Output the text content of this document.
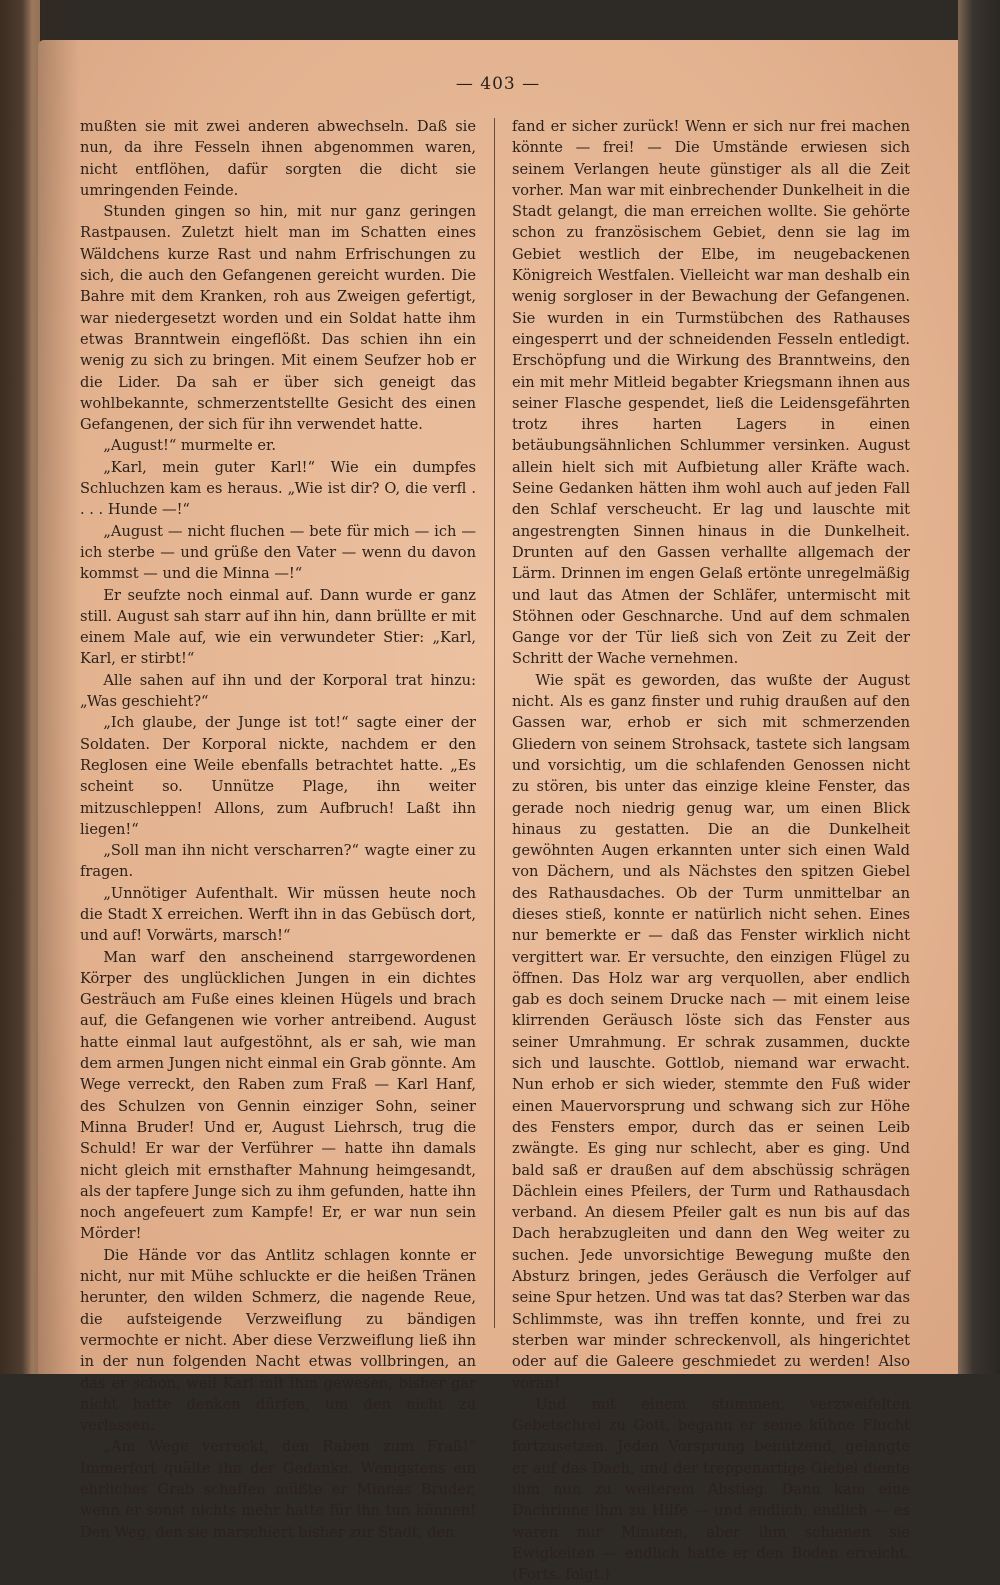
— 403 —

mußten sie mit zwei anderen abwechseln. Daß sie nun, da ihre Fesseln ihnen abgenommen waren, nicht entflöhen, dafür sorgten die dicht sie umringenden Feinde.

Stunden gingen so hin, mit nur ganz geringen Rastpausen. Zuletzt hielt man im Schatten eines Wäldchens kurze Rast und nahm Erfrischungen zu sich, die auch den Gefangenen gereicht wurden. Die Bahre mit dem Kranken, roh aus Zweigen gefertigt, war niedergesetzt worden und ein Soldat hatte ihm etwas Branntwein eingeflößt. Das schien ihn ein wenig zu sich zu bringen. Mit einem Seufzer hob er die Lider. Da sah er über sich geneigt das wohlbekannte, schmerzentstellte Gesicht des einen Gefangenen, der sich für ihn verwendet hatte.

„August!“ murmelte er.

„Karl, mein guter Karl!“ Wie ein dumpfes Schluchzen kam es heraus. „Wie ist dir? O, die verfl . . . . Hunde —!“

„August — nicht fluchen — bete für mich — ich — ich sterbe — und grüße den Vater — wenn du davon kommst — und die Minna —!“

Er seufzte noch einmal auf. Dann wurde er ganz still. August sah starr auf ihn hin, dann brüllte er mit einem Male auf, wie ein verwundeter Stier: „Karl, Karl, er stirbt!“

Alle sahen auf ihn und der Korporal trat hinzu: „Was geschieht?“

„Ich glaube, der Junge ist tot!“ sagte einer der Soldaten. Der Korporal nickte, nachdem er den Reglosen eine Weile ebenfalls betrachtet hatte. „Es scheint so. Unnütze Plage, ihn weiter mitzuschleppen! Allons, zum Aufbruch! Laßt ihn liegen!“

„Soll man ihn nicht verscharren?“ wagte einer zu fragen.

„Unnötiger Aufenthalt. Wir müssen heute noch die Stadt X erreichen. Werft ihn in das Gebüsch dort, und auf! Vorwärts, marsch!“

Man warf den anscheinend starrgewordenen Körper des unglücklichen Jungen in ein dichtes Gesträuch am Fuße eines kleinen Hügels und brach auf, die Gefangenen wie vorher antreibend. August hatte einmal laut aufgestöhnt, als er sah, wie man dem armen Jungen nicht einmal ein Grab gönnte. Am Wege verreckt, den Raben zum Fraß — Karl Hanf, des Schulzen von Gennin einziger Sohn, seiner Minna Bruder! Und er, August Liehrsch, trug die Schuld! Er war der Verführer — hatte ihn damals nicht gleich mit ernsthafter Mahnung heimgesandt, als der tapfere Junge sich zu ihm gefunden, hatte ihn noch angefeuert zum Kampfe! Er, er war nun sein Mörder!

Die Hände vor das Antlitz schlagen konnte er nicht, nur mit Mühe schluckte er die heißen Tränen herunter, den wilden Schmerz, die nagende Reue, die aufsteigende Verzweiflung zu bändigen vermochte er nicht. Aber diese Verzweiflung ließ ihn in der nun folgenden Nacht etwas vollbringen, an das er schon, weil Karl mit ihm gewesen, bisher gar nicht hatte denken dürfen, um den nicht zu verlassen.

„Am Wege verreckt, den Raben zum Fraß!“ Immerfort quälte ihn der Gedanke. Wenigstens ein ehrliches Grab schaffen müßte er Minnas Bruder, wenn er sonst nichts mehr hatte für ihn tun können! Den Weg, den sie marschiert bisher zur Stadt, den

fand er sicher zurück! Wenn er sich nur frei machen könnte — frei! — Die Umstände erwiesen sich seinem Verlangen heute günstiger als all die Zeit vorher. Man war mit einbrechender Dunkelheit in die Stadt gelangt, die man erreichen wollte. Sie gehörte schon zu französischem Gebiet, denn sie lag im Gebiet westlich der Elbe, im neugebackenen Königreich Westfalen. Vielleicht war man deshalb ein wenig sorgloser in der Bewachung der Gefangenen. Sie wurden in ein Turmstübchen des Rathauses eingesperrt und der schneidenden Fesseln entledigt. Erschöpfung und die Wirkung des Branntweins, den ein mit mehr Mitleid begabter Kriegsmann ihnen aus seiner Flasche gespendet, ließ die Leidensgefährten trotz ihres harten Lagers in einen betäubungsähnlichen Schlummer versinken. August allein hielt sich mit Aufbietung aller Kräfte wach. Seine Gedanken hätten ihm wohl auch auf jeden Fall den Schlaf verscheucht. Er lag und lauschte mit angestrengten Sinnen hinaus in die Dunkelheit. Drunten auf den Gassen verhallte allgemach der Lärm. Drinnen im engen Gelaß ertönte unregelmäßig und laut das Atmen der Schläfer, untermischt mit Stöhnen oder Geschnarche. Und auf dem schmalen Gange vor der Tür ließ sich von Zeit zu Zeit der Schritt der Wache vernehmen.

Wie spät es geworden, das wußte der August nicht. Als es ganz finster und ruhig draußen auf den Gassen war, erhob er sich mit schmerzenden Gliedern von seinem Strohsack, tastete sich langsam und vorsichtig, um die schlafenden Genossen nicht zu stören, bis unter das einzige kleine Fenster, das gerade noch niedrig genug war, um einen Blick hinaus zu gestatten. Die an die Dunkelheit gewöhnten Augen erkannten unter sich einen Wald von Dächern, und als Nächstes den spitzen Giebel des Rathausdaches. Ob der Turm unmittelbar an dieses stieß, konnte er natürlich nicht sehen. Eines nur bemerkte er — daß das Fenster wirklich nicht vergittert war. Er versuchte, den einzigen Flügel zu öffnen. Das Holz war arg verquollen, aber endlich gab es doch seinem Drucke nach — mit einem leise klirrenden Geräusch löste sich das Fenster aus seiner Umrahmung. Er schrak zusammen, duckte sich und lauschte. Gottlob, niemand war erwacht. Nun erhob er sich wieder, stemmte den Fuß wider einen Mauervorsprung und schwang sich zur Höhe des Fensters empor, durch das er seinen Leib zwängte. Es ging nur schlecht, aber es ging. Und bald saß er draußen auf dem abschüssig schrägen Dächlein eines Pfeilers, der Turm und Rathausdach verband. An diesem Pfeiler galt es nun bis auf das Dach herabzugleiten und dann den Weg weiter zu suchen. Jede unvorsichtige Bewegung mußte den Absturz bringen, jedes Geräusch die Verfolger auf seine Spur hetzen. Und was tat das? Sterben war das Schlimmste, was ihn treffen konnte, und frei zu sterben war minder schreckenvoll, als hingerichtet oder auf die Galeere geschmiedet zu werden! Also voran!

Und mit einem stummen, verzweifelten Gebetschrei zu Gott, begann er seine kühne Flucht fortzusetzen. Jeden Vorsprung benützend, gelangte er auf das Dach, und der treppenartige Giebel diente ihm nun zu weiterem Abstieg. Dann kam eine Dachrinne ihm zu Hilfe — und endlich, endlich — es waren nur Minuten, aber ihm schienen sie Ewigkeiten — endlich hatte er den Boden erreicht. (Forts. folgt.)
